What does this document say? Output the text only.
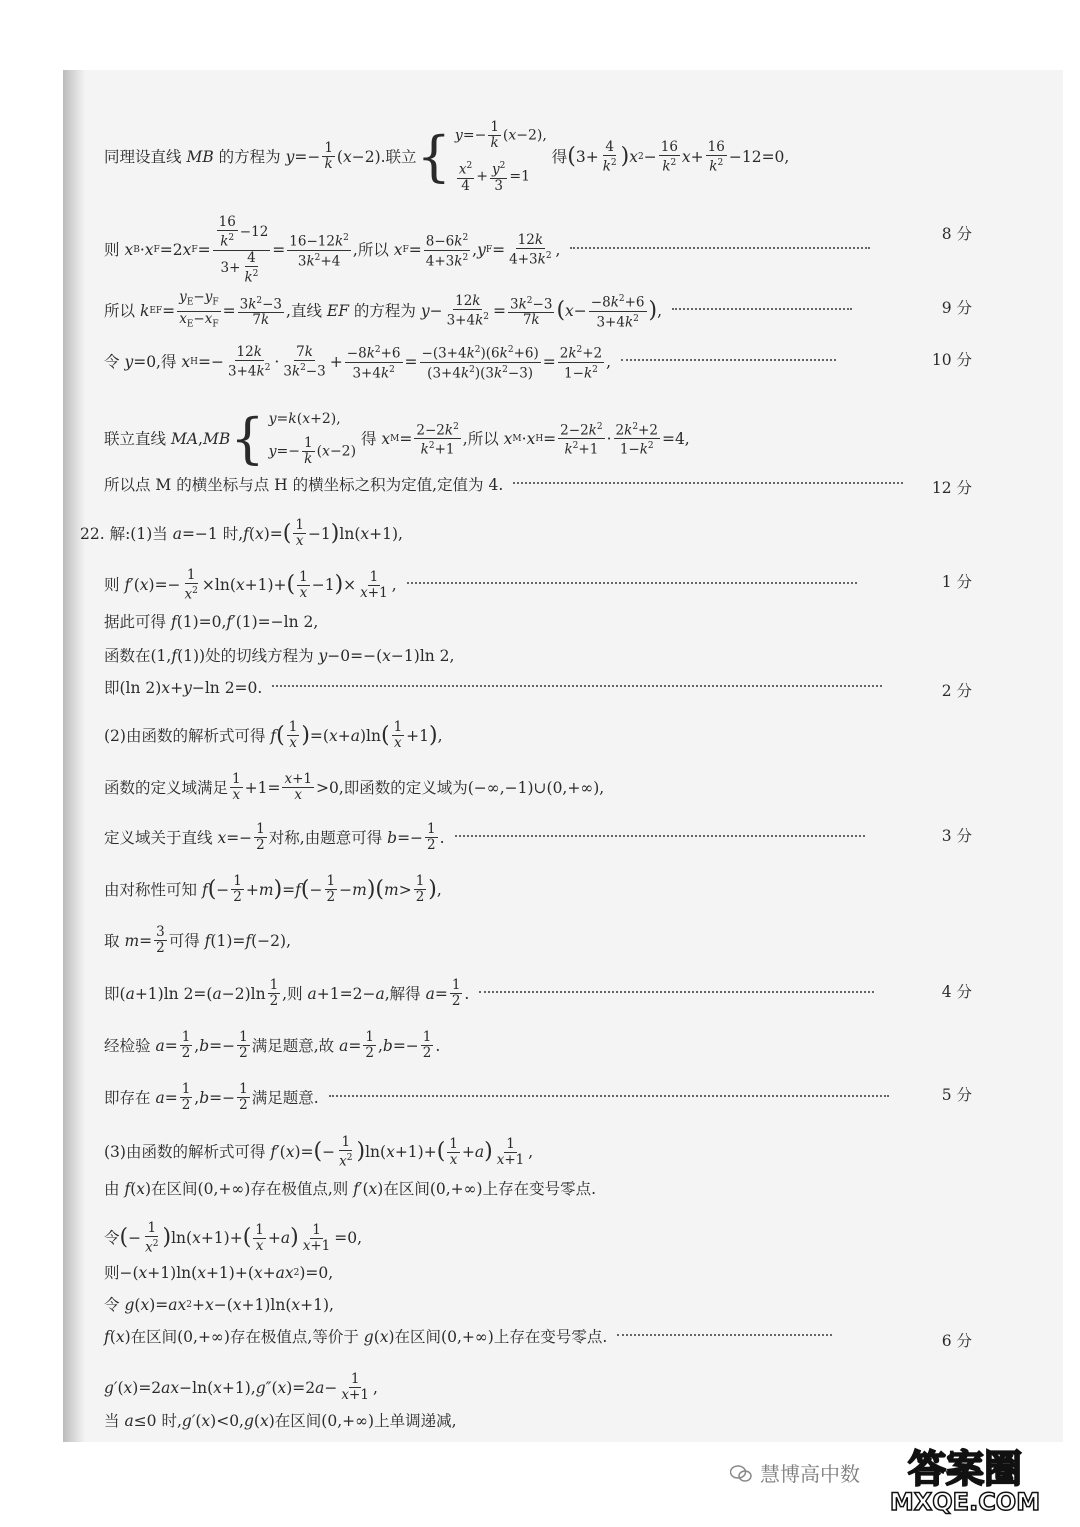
同理设直线 MB 的方程为 y =− 1
k ( x −2).联立 { $y=- \frac{1}{k} (x-2)$,
$\frac{x^2}{4} + \frac{y^2}{3} =1$
得 ( 3+
4
$k^2$ ) x 2 −
16
$k^2$ x +
16
$k^2 -12=0$,
则 x B · x F =2 x F =
$\frac{16}{k^2} -12$
$3+ \frac{4}{k^2}$
= $16-12k^2$
$3k^2+4$
,所以 x $F = 8-6k^2$
$4+3k^2$ , y F =
12k
$4+3k^2$ ,
8 分
所以 k EF =
$y_E-y_F$
$x_E-x_F$
= $3k^2-3$
7k
,直线 EF 的方程为 y −
12k
$3+4k^2 = 3k^2-3$
7k ( $x - -8k^2+6$
$3+4k^2$ ) ,	9 分
令 y =0,得 x H =−
12k
$3+4k^2$ ·
7k
$3k^2-3$
+ $-8k^2+6$
$3+4k^2 = -(3+4k^2)(6k^2+6)$
$(3+4k^2)(3k^2-3)$
= $2k^2+2$
$1-k^2$ ,	10 分
联立直线 MA , MB { y=k(x+2),
$y=- \frac{1}{k} (x-2)$
得 x $M = 2-2k^2$
$k^2+1$
,所以 x M · x $H = 2-2k^2$
$k^2+1$
· $2k^2+2$
$1-k^2 =4$,
所以点 M 的横坐标与点 H 的横坐标之积为定值,定值为 4.	12 分
22. 解:(1)当 a =−1 时, f ( x )= ( 1
x −1 ) ln( x +1),
则 f′ ( x )=−
1
$x^2 \times\ln$( x +1)+ ( 1
x −1 ) × 1
x+1 ,	1 分
据此可得 f (1)=0, f′ (1)=−ln 2,
函数在(1, f (1))处的切线方程为 y −0=−( x −1)ln 2,
即(ln 2) x + y −ln 2=0.	2 分
(2)由函数的解析式可得 f ( 1
x ) =( x + a )ln ( 1
x +1 ) ,
函数的定义域满足 1
x +1= x+1
x >0,即函数的定义域为(−∞,−1)∪(0,+∞),
定义域关于直线 x =− 1
2 对称,由题意可得 b =− 1
2 .	3 分
由对称性可知 f ( − 1
2 + m ) = f ( − 1
2 − m ) ( m > 1
2 ) ,
取 m = 3
2 可得 f (1)= f (−2),
即( a +1)ln 2=( a −2)ln 1
2 ,则 a +1=2− a ,解得 a = 1
2 .	4 分
经检验 a = 1
2 , b =− 1
2 满足题意,故 a = 1
2 , b =− 1
2 .
即存在 a = 1
2 , b =− 1
2 满足题意.	5 分
(3)由函数的解析式可得 f′ ( x )= ( −
1
$x^2$ ) ln( x +1)+ ( 1
x + a ) 1
x+1 ,
由 f ( x )在区间(0,+∞)存在极值点,则 f′ ( x )在区间(0,+∞)上存在变号零点.
令 ( −
1
$x^2$ ) ln( x +1)+ ( 1
x + a ) 1
x+1 =0,
则−( x +1)ln( x +1)+( x + ax 2 )=0,
令 g ( x )= ax 2 + x −( x +1)ln( x +1),
f ( x )在区间(0,+∞)存在极值点,等价于 g ( x )在区间(0,+∞)上存在变号零点.	6 分
g′ ( x )=2 ax −ln( x +1), g″ ( x )=2 a − 1
x+1 ,
当 a ≤0 时, g′ ( x )<0, g ( x )在区间(0,+∞)上单调递减,
慧博高中数	答案圈
MXQE.COM
